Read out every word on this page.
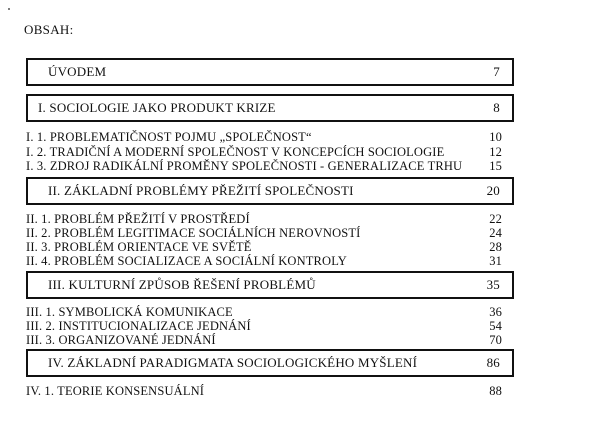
OBSAH:
ÚVODEM	7
I. SOCIOLOGIE JAKO PRODUKT KRIZE	8
I. 1. PROBLEMATIČNOST POJMU „SPOLEČNOST“	10
I. 2. TRADIČNÍ A MODERNÍ SPOLEČNOST V KONCEPCÍCH SOCIOLOGIE	12
I. 3. ZDROJ RADIKÁLNÍ PROMĚNY SPOLEČNOSTI - GENERALIZACE TRHU 15
II. ZÁKLADNÍ PROBLÉMY PŘEŽITÍ SPOLEČNOSTI	20
II. 1. PROBLÉM PŘEŽITÍ V PROSTŘEDÍ	22
II. 2. PROBLÉM LEGITIMACE SOCIÁLNÍCH NEROVNOSTÍ	24
II. 3. PROBLÉM ORIENTACE VE SVĚTĚ	28
II. 4. PROBLÉM SOCIALIZACE A SOCIÁLNÍ KONTROLY	31
III. KULTURNÍ ZPŮSOB ŘEŠENÍ PROBLÉMŮ	35
III. 1. SYMBOLICKÁ KOMUNIKACE	36
III. 2. INSTITUCIONALIZACE JEDNÁNÍ	54
III. 3. ORGANIZOVANÉ JEDNÁNÍ	70
IV. ZÁKLADNÍ PARADIGMATA SOCIOLOGICKÉHO MYŠLENÍ	86
IV. 1. TEORIE KONSENSUÁLNÍ	88
